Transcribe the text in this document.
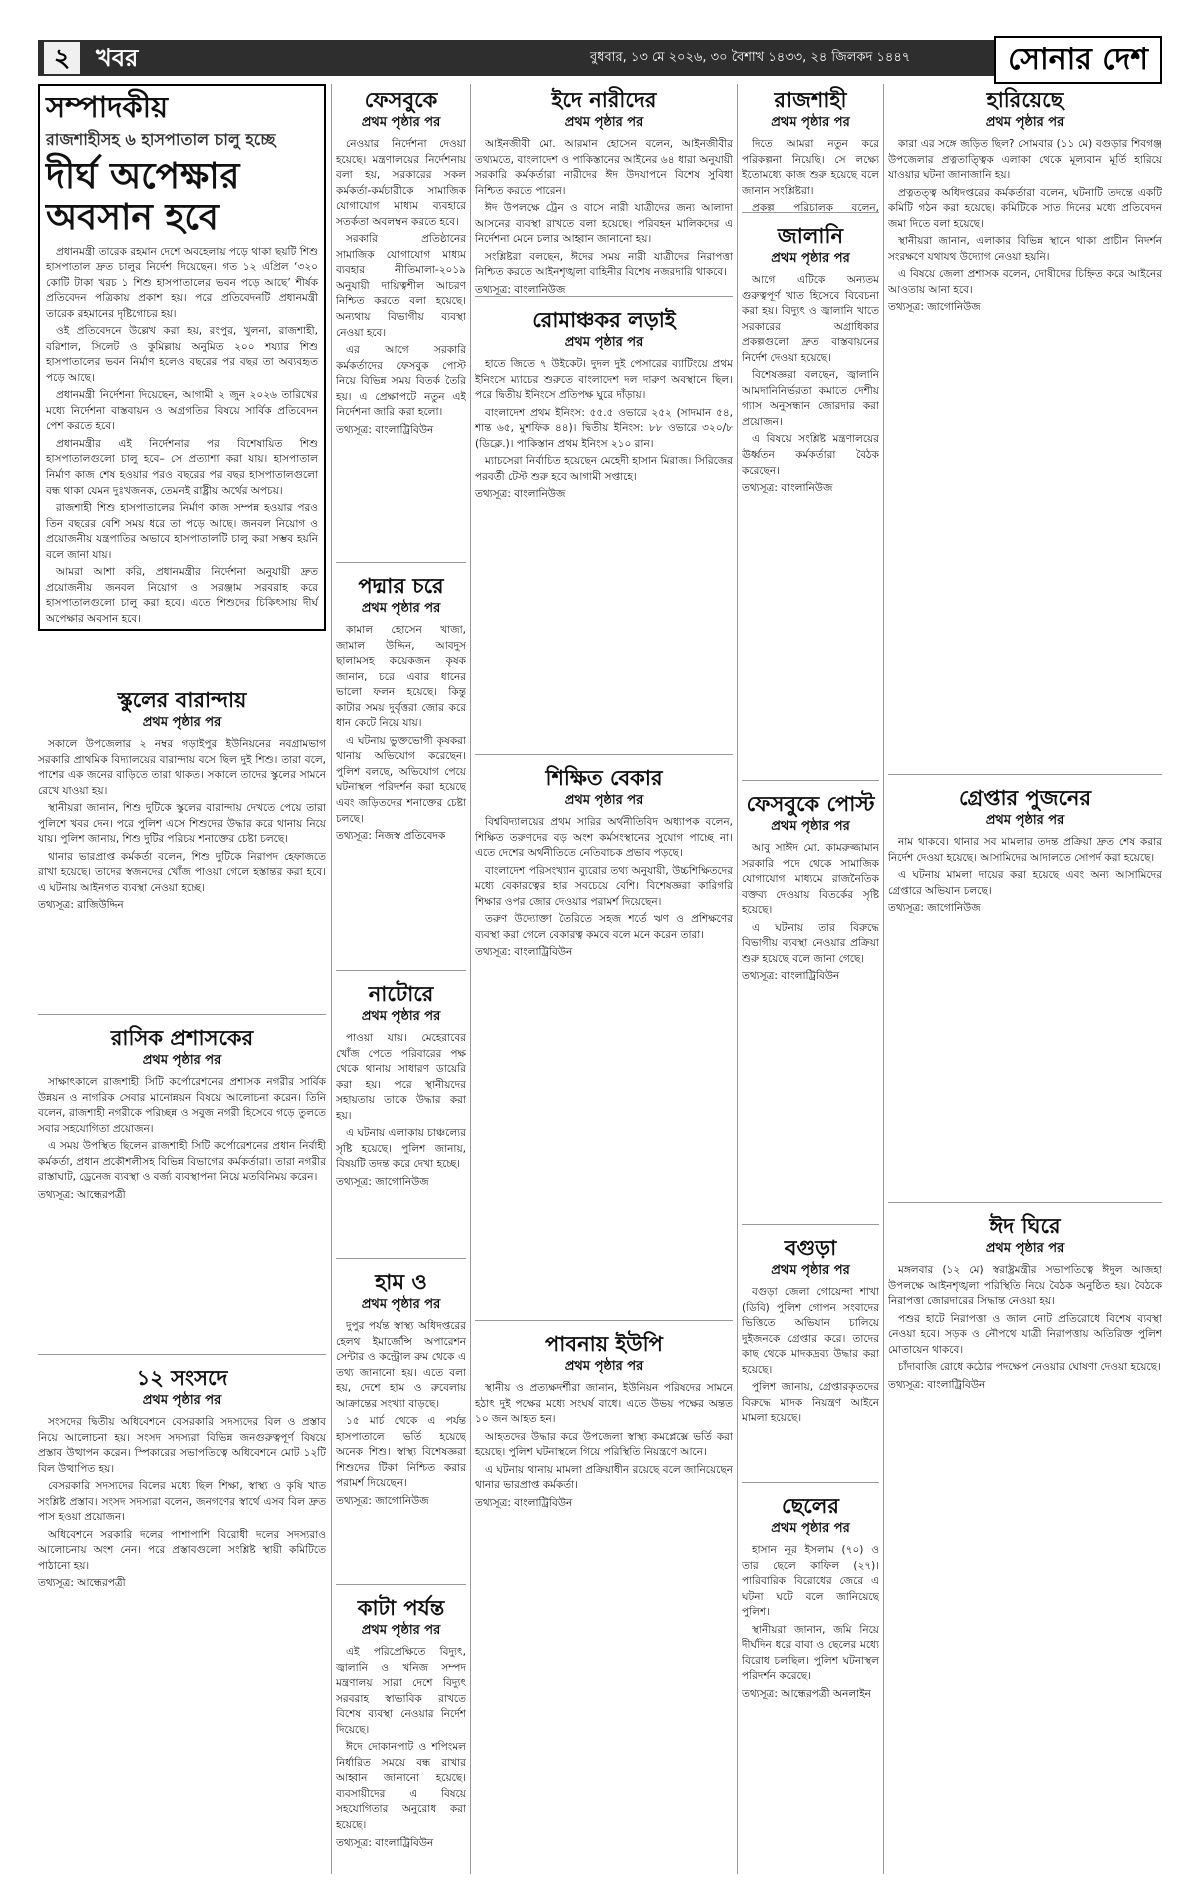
২	খবর	বুধবার, ১৩ মে ২০২৬, ৩০ বৈশাখ ১৪৩৩, ২৪ জিলকদ ১৪৪৭	সোনার দেশ
সম্পাদকীয়
রাজশাহীসহ ৬ হাসপাতাল চালু হচ্ছে
দীর্ঘ অপেক্ষার অবসান হবে

প্রধানমন্ত্রী তারেক রহমান দেশে অবহেলায় পড়ে থাকা ছয়টি শিশু হাসপাতাল দ্রুত চালুর নির্দেশ দিয়েছেন। গত ১২ এপ্রিল ‘৩২০ কোটি টাকা খরচ ১ শিশু হাসপাতালের ভবন পড়ে আছে’ শীর্ষক প্রতিবেদন পত্রিকায় প্রকাশ হয়। পরে প্রতিবেদনটি প্রধানমন্ত্রী তারেক রহমানের দৃষ্টিগোচর হয়।

ওই প্রতিবেদনে উল্লেখ করা হয়, রংপুর, খুলনা, রাজশাহী, বরিশাল, সিলেট ও কুমিল্লায় অনুমিত ২০০ শয্যার শিশু হাসপাতালের ভবন নির্মাণ হলেও বছরের পর বছর তা অব্যবহৃত পড়ে আছে।

প্রধানমন্ত্রী নির্দেশনা দিয়েছেন, আগামী ২ জুন ২০২৬ তারিখের মধ্যে নির্দেশনা বাস্তবায়ন ও অগ্রগতির বিষয়ে সার্বিক প্রতিবেদন পেশ করতে হবে।

প্রধানমন্ত্রীর এই নির্দেশনার পর বিশেষায়িত শিশু হাসপাতালগুলো চালু হবে– সে প্রত্যাশা করা যায়। হাসপাতাল নির্মাণ কাজ শেষ হওয়ার পরও বছরের পর বছর হাসপাতালগুলো বন্ধ থাকা যেমন দুঃখজনক, তেমনই রাষ্ট্রীয় অর্থের অপচয়।

রাজশাহী শিশু হাসপাতালের নির্মাণ কাজ সম্পন্ন হওয়ার পরও তিন বছরের বেশি সময় ধরে তা পড়ে আছে। জনবল নিয়োগ ও প্রয়োজনীয় যন্ত্রপাতির অভাবে হাসপাতালটি চালু করা সম্ভব হয়নি বলে জানা যায়।

আমরা আশা করি, প্রধানমন্ত্রীর নির্দেশনা অনুযায়ী দ্রুত প্রয়োজনীয় জনবল নিয়োগ ও সরঞ্জাম সরবরাহ করে হাসপাতালগুলো চালু করা হবে। এতে শিশুদের চিকিৎসায় দীর্ঘ অপেক্ষার অবসান হবে।

স্কুলের বারান্দায়
প্রথম পৃষ্ঠার পর

সকালে উপজেলার ২ নম্বর গড়াইপুর ইউনিয়নের নবগ্রামভাগ সরকারি প্রাথমিক বিদ্যালয়ের বারান্দায় বসে ছিল দুই শিশু। তারা বলে, পাশের এক জনের বাড়িতে তারা থাকত। সকালে তাদের স্কুলের সামনে রেখে যাওয়া হয়।

স্থানীয়রা জানান, শিশু দুটিকে স্কুলের বারান্দায় দেখতে পেয়ে তারা পুলিশে খবর দেন। পরে পুলিশ এসে শিশুদের উদ্ধার করে থানায় নিয়ে যায়। পুলিশ জানায়, শিশু দুটির পরিচয় শনাক্তের চেষ্টা চলছে।

থানার ভারপ্রাপ্ত কর্মকর্তা বলেন, শিশু দুটিকে নিরাপদ হেফাজতে রাখা হয়েছে। তাদের স্বজনদের খোঁজ পাওয়া গেলে হস্তান্তর করা হবে। এ ঘটনায় আইনগত ব্যবস্থা নেওয়া হচ্ছে।

তথ্যসূত্র: রাজিউদ্দিন
রাসিক প্রশাসকের
প্রথম পৃষ্ঠার পর

সাক্ষাৎকালে রাজশাহী সিটি কর্পোরেশনের প্রশাসক নগরীর সার্বিক উন্নয়ন ও নাগরিক সেবার মানোন্নয়ন বিষয়ে আলোচনা করেন। তিনি বলেন, রাজশাহী নগরীকে পরিচ্ছন্ন ও সবুজ নগরী হিসেবে গড়ে তুলতে সবার সহযোগিতা প্রয়োজন।

এ সময় উপস্থিত ছিলেন রাজশাহী সিটি কর্পোরেশনের প্রধান নির্বাহী কর্মকর্তা, প্রধান প্রকৌশলীসহ বিভিন্ন বিভাগের কর্মকর্তারা। তারা নগরীর রাস্তাঘাট, ড্রেনেজ ব্যবস্থা ও বর্জ্য ব্যবস্থাপনা নিয়ে মতবিনিময় করেন।

তথ্যসূত্র: আন্ধেরপত্রী
১২ সংসদে
প্রথম পৃষ্ঠার পর

সংসদের দ্বিতীয় অধিবেশনে বেসরকারি সদস্যদের বিল ও প্রস্তাব নিয়ে আলোচনা হয়। সংসদ সদস্যরা বিভিন্ন জনগুরুত্বপূর্ণ বিষয়ে প্রস্তাব উত্থাপন করেন। স্পিকারের সভাপতিত্বে অধিবেশনে মোট ১২টি বিল উত্থাপিত হয়।

বেসরকারি সদস্যদের বিলের মধ্যে ছিল শিক্ষা, স্বাস্থ্য ও কৃষি খাত সংশ্লিষ্ট প্রস্তাব। সংসদ সদস্যরা বলেন, জনগণের স্বার্থে এসব বিল দ্রুত পাস হওয়া প্রয়োজন।

অধিবেশনে সরকারি দলের পাশাপাশি বিরোধী দলের সদস্যরাও আলোচনায় অংশ নেন। পরে প্রস্তাবগুলো সংশ্লিষ্ট স্থায়ী কমিটিতে পাঠানো হয়।

তথ্যসূত্র: আন্ধেরপত্রী
ফেসবুকে
প্রথম পৃষ্ঠার পর

নেওয়ার নির্দেশনা দেওয়া হয়েছে। মন্ত্রণালয়ের নির্দেশনায় বলা হয়, সরকারের সকল কর্মকর্তা-কর্মচারীকে সামাজিক যোগাযোগ মাধ্যম ব্যবহারে সতর্কতা অবলম্বন করতে হবে।

সরকারি প্রতিষ্ঠানের সামাজিক যোগাযোগ মাধ্যম ব্যবহার নীতিমালা-২০১৯ অনুযায়ী দায়িত্বশীল আচরণ নিশ্চিত করতে বলা হয়েছে। অন্যথায় বিভাগীয় ব্যবস্থা নেওয়া হবে।

এর আগে সরকারি কর্মকর্তাদের ফেসবুক পোস্ট নিয়ে বিভিন্ন সময় বিতর্ক তৈরি হয়। এ প্রেক্ষাপটে নতুন এই নির্দেশনা জারি করা হলো।

তথ্যসূত্র: বাংলাট্রিবিউন
পদ্মার চরে
প্রথম পৃষ্ঠার পর

কামাল হোসেন খাজা, জামাল উদ্দিন, আবদুস ছালামসহ কয়েকজন কৃষক জানান, চরে এবার ধানের ভালো ফলন হয়েছে। কিন্তু কাটার সময় দুর্বৃত্তরা জোর করে ধান কেটে নিয়ে যায়।

এ ঘটনায় ভুক্তভোগী কৃষকরা থানায় অভিযোগ করেছেন। পুলিশ বলছে, অভিযোগ পেয়ে ঘটনাস্থল পরিদর্শন করা হয়েছে এবং জড়িতদের শনাক্তের চেষ্টা চলছে।

তথ্যসূত্র: নিজস্ব প্রতিবেদক
নাটোরে
প্রথম পৃষ্ঠার পর

পাওয়া যায়। মেহেরাবের খোঁজ পেতে পরিবারের পক্ষ থেকে থানায় সাধারণ ডায়েরি করা হয়। পরে স্থানীয়দের সহায়তায় তাকে উদ্ধার করা হয়।

এ ঘটনায় এলাকায় চাঞ্চল্যের সৃষ্টি হয়েছে। পুলিশ জানায়, বিষয়টি তদন্ত করে দেখা হচ্ছে।

তথ্যসূত্র: জাগোনিউজ
হাম ও
প্রথম পৃষ্ঠার পর

দুপুর পর্যন্ত স্বাস্থ্য অধিদপ্তরের হেলথ ইমার্জেন্সি অপারেশন সেন্টার ও কন্ট্রোল রুম থেকে এ তথ্য জানানো হয়। এতে বলা হয়, দেশে হাম ও রুবেলায় আক্রান্তের সংখ্যা বাড়ছে।

১৫ মার্চ থেকে এ পর্যন্ত হাসপাতালে ভর্তি হয়েছে অনেক শিশু। স্বাস্থ্য বিশেষজ্ঞরা শিশুদের টিকা নিশ্চিত করার পরামর্শ দিয়েছেন।

তথ্যসূত্র: জাগোনিউজ
কাটা পর্যন্ত
প্রথম পৃষ্ঠার পর

এই পরিপ্রেক্ষিতে বিদ্যুৎ, জ্বালানি ও খনিজ সম্পদ মন্ত্রণালয় সারা দেশে বিদ্যুৎ সরবরাহ স্বাভাবিক রাখতে বিশেষ ব্যবস্থা নেওয়ার নির্দেশ দিয়েছে।

ঈদে দোকানপাট ও শপিংমল নির্ধারিত সময়ে বন্ধ রাখার আহ্বান জানানো হয়েছে। ব্যবসায়ীদের এ বিষয়ে সহযোগিতার অনুরোধ করা হয়েছে।

তথ্যসূত্র: বাংলাট্রিবিউন
ইদে নারীদের
প্রথম পৃষ্ঠার পর

আইনজীবী মো. আরমান হোসেন বলেন, আইনজীবীর তথ্যমতে, বাংলাদেশ ও পাকিস্তানের আইনের ৬৪ ধারা অনুযায়ী সরকারি কর্মকর্তারা নারীদের ঈদ উদযাপনে বিশেষ সুবিধা নিশ্চিত করতে পারেন।

ঈদ উপলক্ষে ট্রেন ও বাসে নারী যাত্রীদের জন্য আলাদা আসনের ব্যবস্থা রাখতে বলা হয়েছে। পরিবহন মালিকদের এ নির্দেশনা মেনে চলার আহ্বান জানানো হয়।

সংশ্লিষ্টরা বলছেন, ঈদের সময় নারী যাত্রীদের নিরাপত্তা নিশ্চিত করতে আইনশৃঙ্খলা বাহিনীর বিশেষ নজরদারি থাকবে।

তথ্যসূত্র: বাংলানিউজ
রোমাঞ্চকর লড়াই
প্রথম পৃষ্ঠার পর

হাতে জিতে ৭ উইকেট। দুদল দুই পেসারের ব্যাটিংয়ে প্রথম ইনিংসে ম্যাচের শুরুতে বাংলাদেশ দল দারুণ অবস্থানে ছিল। পরে দ্বিতীয় ইনিংসে প্রতিপক্ষ ঘুরে দাঁড়ায়।

বাংলাদেশ প্রথম ইনিংস: ৫৫.৫ ওভারে ২৫২ (সাদমান ৫৪, শান্ত ৬৫, মুশফিক ৪৪)। দ্বিতীয় ইনিংস: ৮৮ ওভারে ৩২০/৮ (ডিক্লে.)। পাকিস্তান প্রথম ইনিংস ২১০ রান।

ম্যাচসেরা নির্বাচিত হয়েছেন মেহেদী হাসান মিরাজ। সিরিজের পরবর্তী টেস্ট শুরু হবে আগামী সপ্তাহে।

তথ্যসূত্র: বাংলানিউজ
শিক্ষিত বেকার
প্রথম পৃষ্ঠার পর

বিশ্ববিদ্যালয়ের প্রথম সারির অর্থনীতিবিদ অধ্যাপক বলেন, শিক্ষিত তরুণদের বড় অংশ কর্মসংস্থানের সুযোগ পাচ্ছে না। এতে দেশের অর্থনীতিতে নেতিবাচক প্রভাব পড়ছে।

বাংলাদেশ পরিসংখ্যান ব্যুরোর তথ্য অনুযায়ী, উচ্চশিক্ষিতদের মধ্যে বেকারত্বের হার সবচেয়ে বেশি। বিশেষজ্ঞরা কারিগরি শিক্ষার ওপর জোর দেওয়ার পরামর্শ দিয়েছেন।

তরুণ উদ্যোক্তা তৈরিতে সহজ শর্তে ঋণ ও প্রশিক্ষণের ব্যবস্থা করা গেলে বেকারত্ব কমবে বলে মনে করেন তারা।

তথ্যসূত্র: বাংলাট্রিবিউন
পাবনায় ইউপি
প্রথম পৃষ্ঠার পর

স্থানীয় ও প্রত্যক্ষদর্শীরা জানান, ইউনিয়ন পরিষদের সামনে হঠাৎ দুই পক্ষের মধ্যে সংঘর্ষ বাধে। এতে উভয় পক্ষের অন্তত ১০ জন আহত হন।

আহতদের উদ্ধার করে উপজেলা স্বাস্থ্য কমপ্লেক্সে ভর্তি করা হয়েছে। পুলিশ ঘটনাস্থলে গিয়ে পরিস্থিতি নিয়ন্ত্রণে আনে।

এ ঘটনায় থানায় মামলা প্রক্রিয়াধীন রয়েছে বলে জানিয়েছেন থানার ভারপ্রাপ্ত কর্মকর্তা।

তথ্যসূত্র: বাংলাট্রিবিউন
রাজশাহী
প্রথম পৃষ্ঠার পর

দিতে আমরা নতুন করে পরিকল্পনা নিয়েছি। সে লক্ষ্যে ইতোমধ্যে কাজ শুরু হয়েছে বলে জানান সংশ্লিষ্টরা।

প্রকল্প পরিচালক বলেন,

জালানি
প্রথম পৃষ্ঠার পর

আগে এটিকে অন্যতম গুরুত্বপূর্ণ খাত হিসেবে বিবেচনা করা হয়। বিদ্যুৎ ও জ্বালানি খাতে সরকারের অগ্রাধিকার প্রকল্পগুলো দ্রুত বাস্তবায়নের নির্দেশ দেওয়া হয়েছে।

বিশেষজ্ঞরা বলছেন, জ্বালানি আমদানিনির্ভরতা কমাতে দেশীয় গ্যাস অনুসন্ধান জোরদার করা প্রয়োজন।

এ বিষয়ে সংশ্লিষ্ট মন্ত্রণালয়ের ঊর্ধ্বতন কর্মকর্তারা বৈঠক করেছেন।

তথ্যসূত্র: বাংলানিউজ
ফেসবুকে পোস্ট
প্রথম পৃষ্ঠার পর

আবু সাঈদ মো. কামরুজ্জামান সরকারি পদে থেকে সামাজিক যোগাযোগ মাধ্যমে রাজনৈতিক বক্তব্য দেওয়ায় বিতর্কের সৃষ্টি হয়েছে।

এ ঘটনায় তার বিরুদ্ধে বিভাগীয় ব্যবস্থা নেওয়ার প্রক্রিয়া শুরু হয়েছে বলে জানা গেছে।

তথ্যসূত্র: বাংলাট্রিবিউন
বগুড়া
প্রথম পৃষ্ঠার পর

বগুড়া জেলা গোয়েন্দা শাখা (ডিবি) পুলিশ গোপন সংবাদের ভিত্তিতে অভিযান চালিয়ে দুইজনকে গ্রেপ্তার করে। তাদের কাছ থেকে মাদকদ্রব্য উদ্ধার করা হয়েছে।

পুলিশ জানায়, গ্রেপ্তারকৃতদের বিরুদ্ধে মাদক নিয়ন্ত্রণ আইনে মামলা হয়েছে।

ছেলের
প্রথম পৃষ্ঠার পর

হাসান নূর ইসলাম (৭০) ও তার ছেলে কাফিল (২৭)। পারিবারিক বিরোধের জেরে এ ঘটনা ঘটে বলে জানিয়েছে পুলিশ।

স্থানীয়রা জানান, জমি নিয়ে দীর্ঘদিন ধরে বাবা ও ছেলের মধ্যে বিরোধ চলছিল। পুলিশ ঘটনাস্থল পরিদর্শন করেছে।

তথ্যসূত্র: আন্ধেরপত্রী অনলাইন
হারিয়েছে
প্রথম পৃষ্ঠার পর

কারা এর সঙ্গে জড়িত ছিল? সোমবার (১১ মে) বগুড়ার শিবগঞ্জ উপজেলার প্রত্নতাত্ত্বিক এলাকা থেকে মূল্যবান মূর্তি হারিয়ে যাওয়ার ঘটনা জানাজানি হয়।

প্রত্নতত্ত্ব অধিদপ্তরের কর্মকর্তারা বলেন, ঘটনাটি তদন্তে একটি কমিটি গঠন করা হয়েছে। কমিটিকে সাত দিনের মধ্যে প্রতিবেদন জমা দিতে বলা হয়েছে।

স্থানীয়রা জানান, এলাকার বিভিন্ন স্থানে থাকা প্রাচীন নিদর্শন সংরক্ষণে যথাযথ উদ্যোগ নেওয়া হয়নি।

এ বিষয়ে জেলা প্রশাসক বলেন, দোষীদের চিহ্নিত করে আইনের আওতায় আনা হবে।

তথ্যসূত্র: জাগোনিউজ
গ্রেপ্তার পুজনের
প্রথম পৃষ্ঠার পর

নাম থাকবে। থানার সব মামলার তদন্ত প্রক্রিয়া দ্রুত শেষ করার নির্দেশ দেওয়া হয়েছে। আসামিদের আদালতে সোপর্দ করা হয়েছে।

এ ঘটনায় মামলা দায়ের করা হয়েছে এবং অন্য আসামিদের গ্রেপ্তারে অভিযান চলছে।

তথ্যসূত্র: জাগোনিউজ
ঈদ ঘিরে
প্রথম পৃষ্ঠার পর

মঙ্গলবার (১২ মে) স্বরাষ্ট্রমন্ত্রীর সভাপতিত্বে ঈদুল আজহা উপলক্ষে আইনশৃঙ্খলা পরিস্থিতি নিয়ে বৈঠক অনুষ্ঠিত হয়। বৈঠকে নিরাপত্তা জোরদারের সিদ্ধান্ত নেওয়া হয়।

পশুর হাটে নিরাপত্তা ও জাল নোট প্রতিরোধে বিশেষ ব্যবস্থা নেওয়া হবে। সড়ক ও নৌপথে যাত্রী নিরাপত্তায় অতিরিক্ত পুলিশ মোতায়েন থাকবে।

চাঁদাবাজি রোধে কঠোর পদক্ষেপ নেওয়ার ঘোষণা দেওয়া হয়েছে।

তথ্যসূত্র: বাংলাট্রিবিউন
